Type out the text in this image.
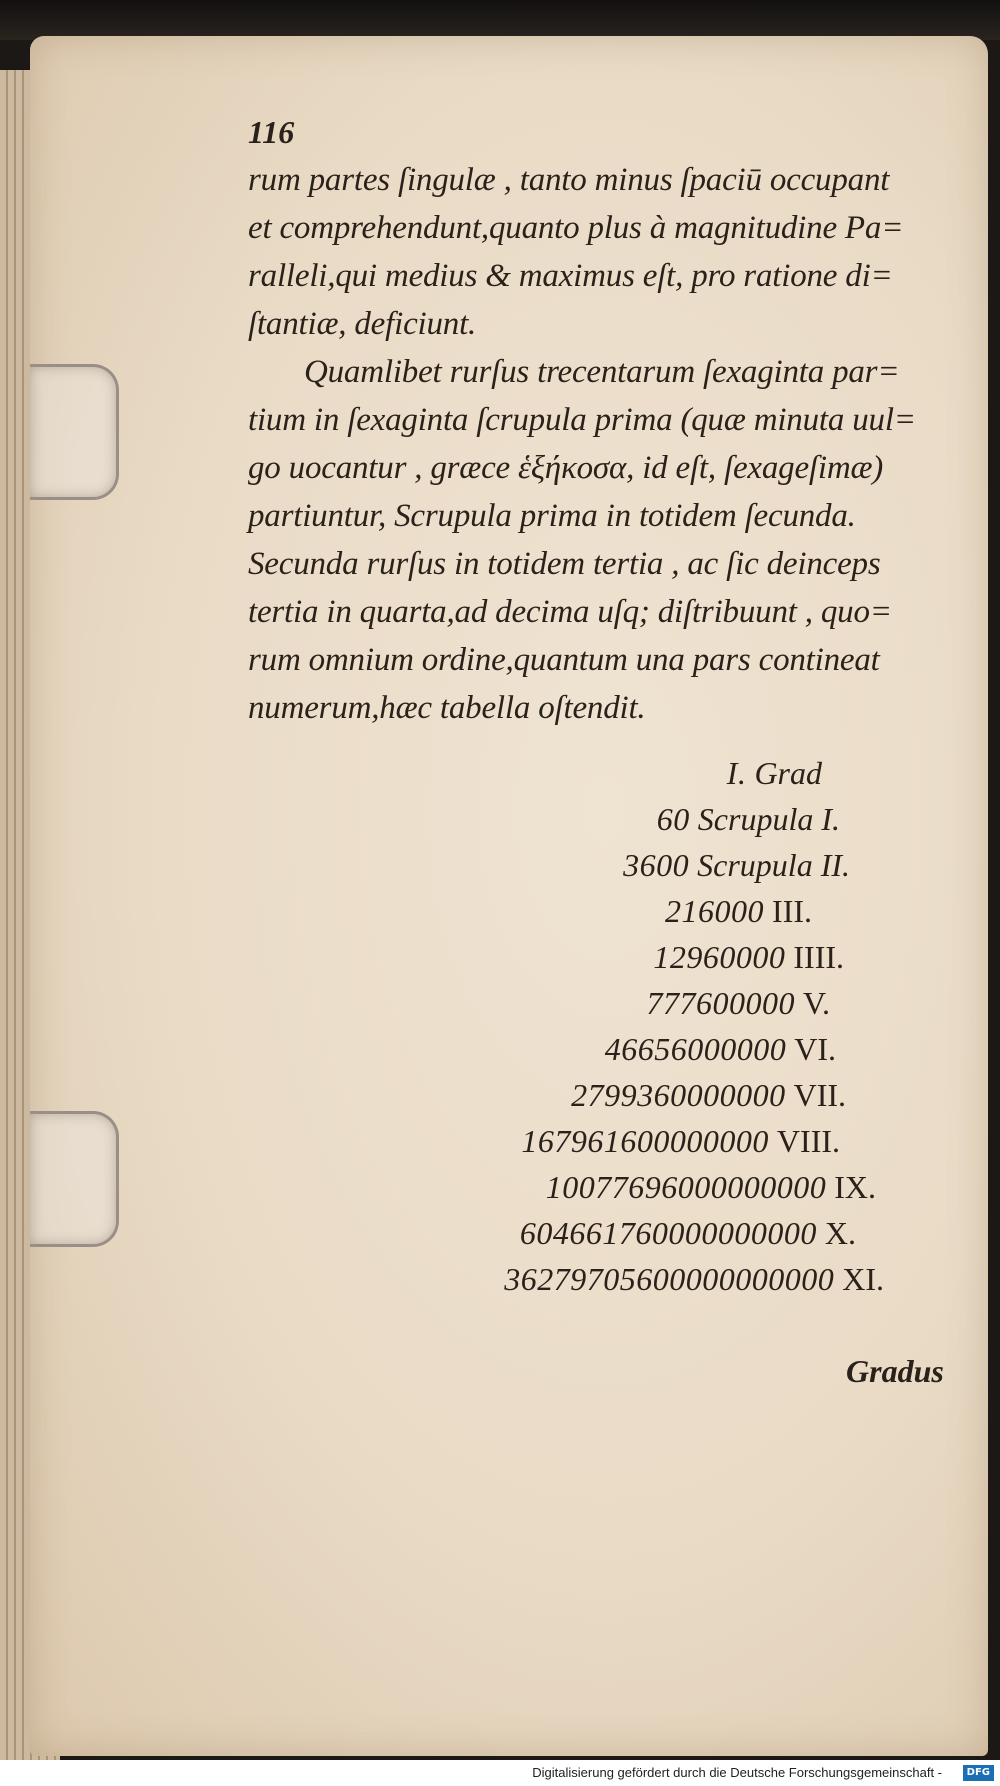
116

rum partes ſingulæ , tanto minus ſpaciū occupant
et comprehendunt,quanto plus à magnitudine Pa=
ralleli,qui medius & maximus eſt, pro ratione di=
ſtantiæ, deficiunt.

Quamlibet rurſus trecentarum ſexaginta par=
tium in ſexaginta ſcrupula prima (quæ minuta uul=
go uocantur , græce ἑξήκοσα, id eſt, ſexageſimæ)
partiuntur, Scrupula prima in totidem ſecunda.
Secunda rurſus in totidem tertia , ac ſic deinceps
tertia in quarta,ad decima uſq; diſtribuunt , quo=
rum omnium ordine,quantum una pars contineat
numerum,hæc tabella oſtendit.

I. Grad
60 Scrupula I.
3600 Scrupula II.
216000 III.
12960000 IIII.
777600000 V.
46656000000 VI.
2799360000000 VII.
167961600000000 VIII.
10077696000000000 IX.
604661760000000000 X.
36279705600000000000 XI.
Gradus
Digitalisierung gefördert durch die Deutsche Forschungsgemeinschaft -	DFG
